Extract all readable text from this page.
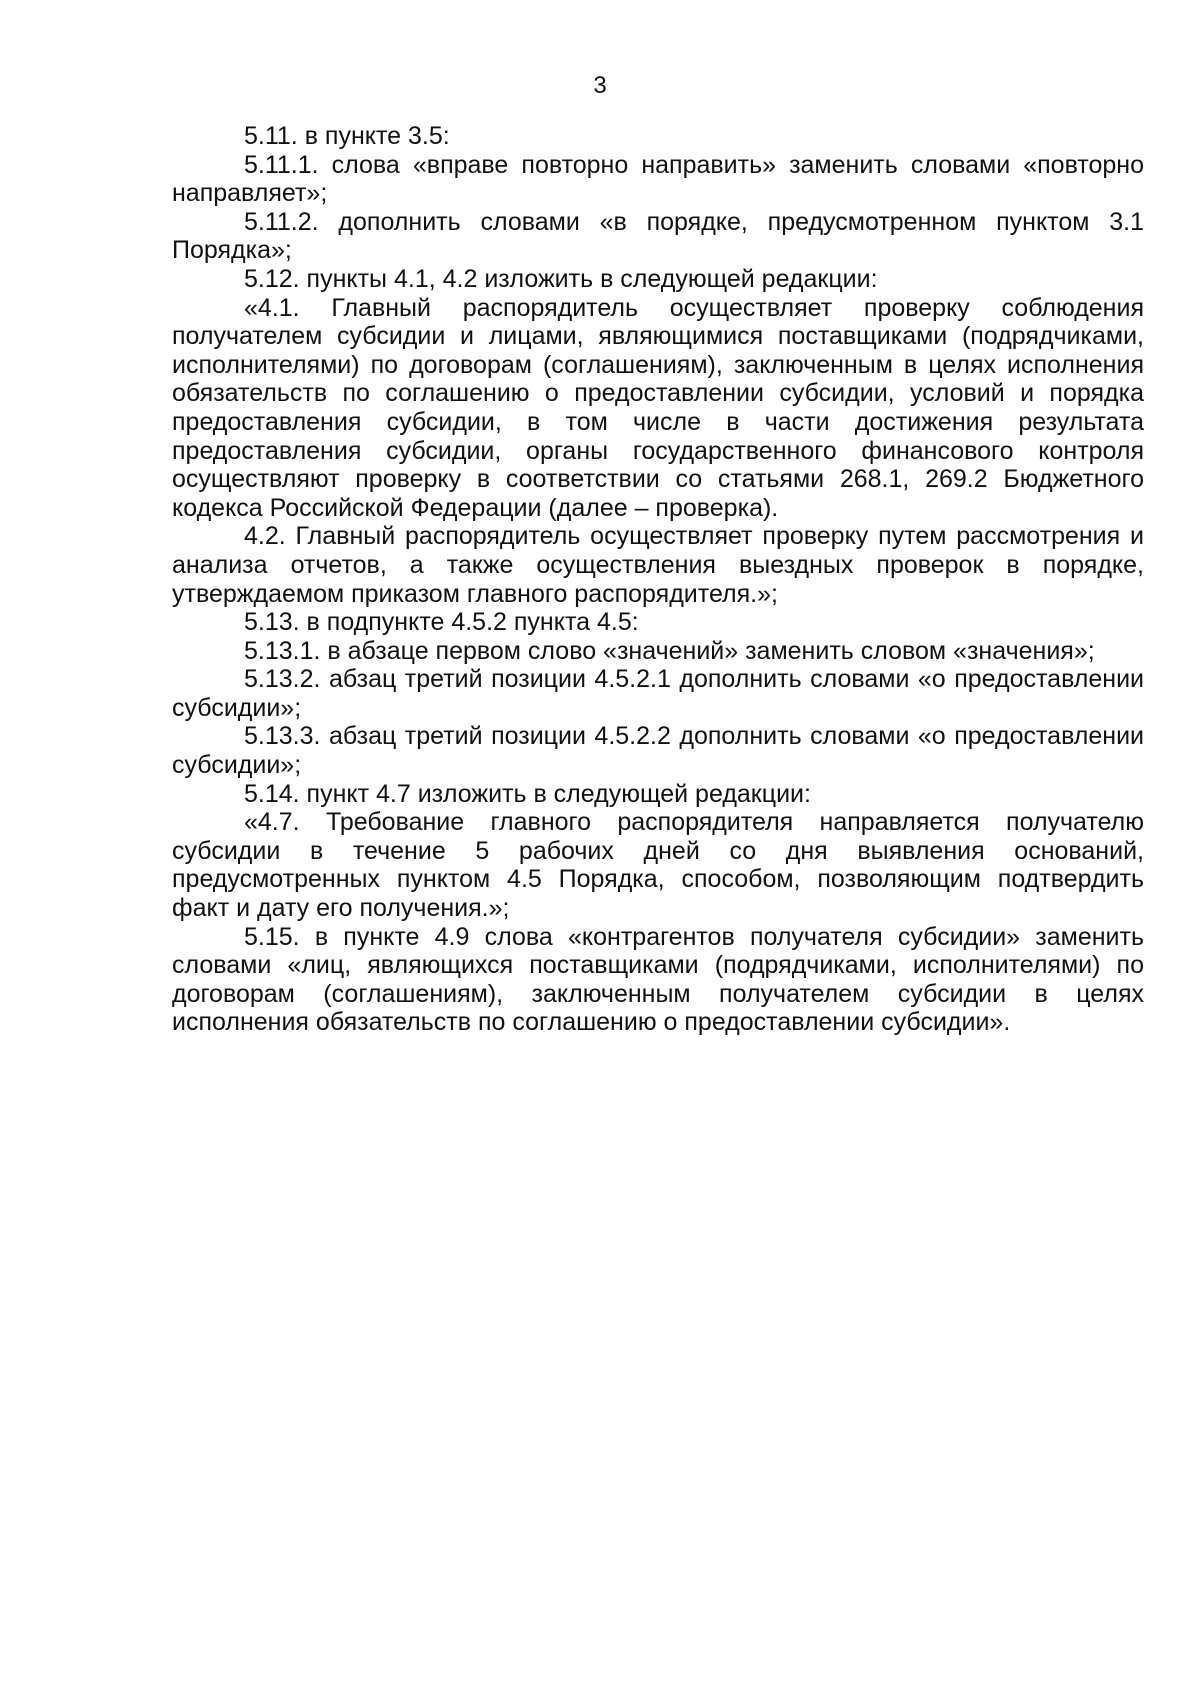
3

5.11. в пункте 3.5:

5.11.1. слова «вправе повторно направить» заменить словами «повторно направляет»;

5.11.2. дополнить словами «в порядке, предусмотренном пунктом 3.1 Порядка»;

5.12. пункты 4.1, 4.2 изложить в следующей редакции:

«4.1. Главный распорядитель осуществляет проверку соблюдения получателем субсидии и лицами, являющимися поставщиками (подрядчиками, исполнителями) по договорам (соглашениям), заключенным в целях исполнения обязательств по соглашению о предоставлении субсидии, условий и порядка предоставления субсидии, в том числе в части достижения результата предоставления субсидии, органы государственного финансового контроля осуществляют проверку в соответствии со статьями 268.1, 269.2 Бюджетного кодекса Российской Федерации (далее – проверка).

4.2. Главный распорядитель осуществляет проверку путем рассмотрения и анализа отчетов, а также осуществления выездных проверок в порядке, утверждаемом приказом главного распорядителя.»;

5.13. в подпункте 4.5.2 пункта 4.5:

5.13.1. в абзаце первом слово «значений» заменить словом «значения»;

5.13.2. абзац третий позиции 4.5.2.1 дополнить словами «о предоставлении субсидии»;

5.13.3. абзац третий позиции 4.5.2.2 дополнить словами «о предоставлении субсидии»;

5.14. пункт 4.7 изложить в следующей редакции:

«4.7. Требование главного распорядителя направляется получателю субсидии в течение 5 рабочих дней со дня выявления оснований, предусмотренных пунктом 4.5 Порядка, способом, позволяющим подтвердить факт и дату его получения.»;

5.15. в пункте 4.9 слова «контрагентов получателя субсидии» заменить словами «лиц, являющихся поставщиками (подрядчиками, исполнителями) по договорам (соглашениям), заключенным получателем субсидии в целях исполнения обязательств по соглашению о предоставлении субсидии».
